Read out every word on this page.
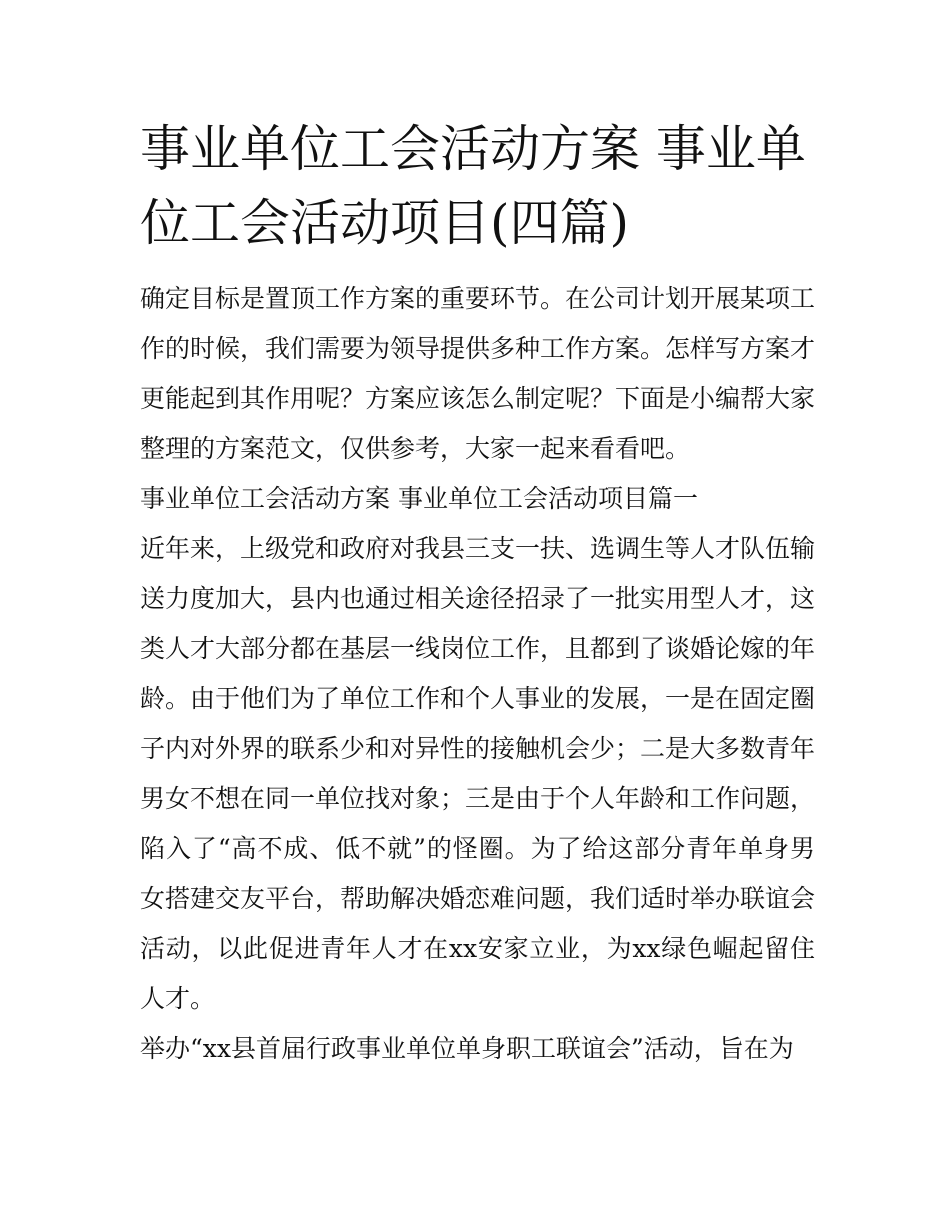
事业单位工会活动方案 事业单位工会活动项目(四篇)

确定目标是置顶工作方案的重要环节。在公司计划开展某项工作的时候，我们需要为领导提供多种工作方案。怎样写方案才更能起到其作用呢？方案应该怎么制定呢？下面是小编帮大家整理的方案范文，仅供参考，大家一起来看看吧。

事业单位工会活动方案 事业单位工会活动项目篇一

近年来，上级党和政府对我县三支一扶、选调生等人才队伍输送力度加大，县内也通过相关途径招录了一批实用型人才，这类人才大部分都在基层一线岗位工作，且都到了谈婚论嫁的年龄。由于他们为了单位工作和个人事业的发展，一是在固定圈子内对外界的联系少和对异性的接触机会少；二是大多数青年男女不想在同一单位找对象；三是由于个人年龄和工作问题，陷入了“高不成、低不就”的怪圈。为了给这部分青年单身男女搭建交友平台，帮助解决婚恋难问题，我们适时举办联谊会活动，以此促进青年人才在xx安家立业，为xx绿色崛起留住人才。

举办“xx县首届行政事业单位单身职工联谊会”活动，旨在为
